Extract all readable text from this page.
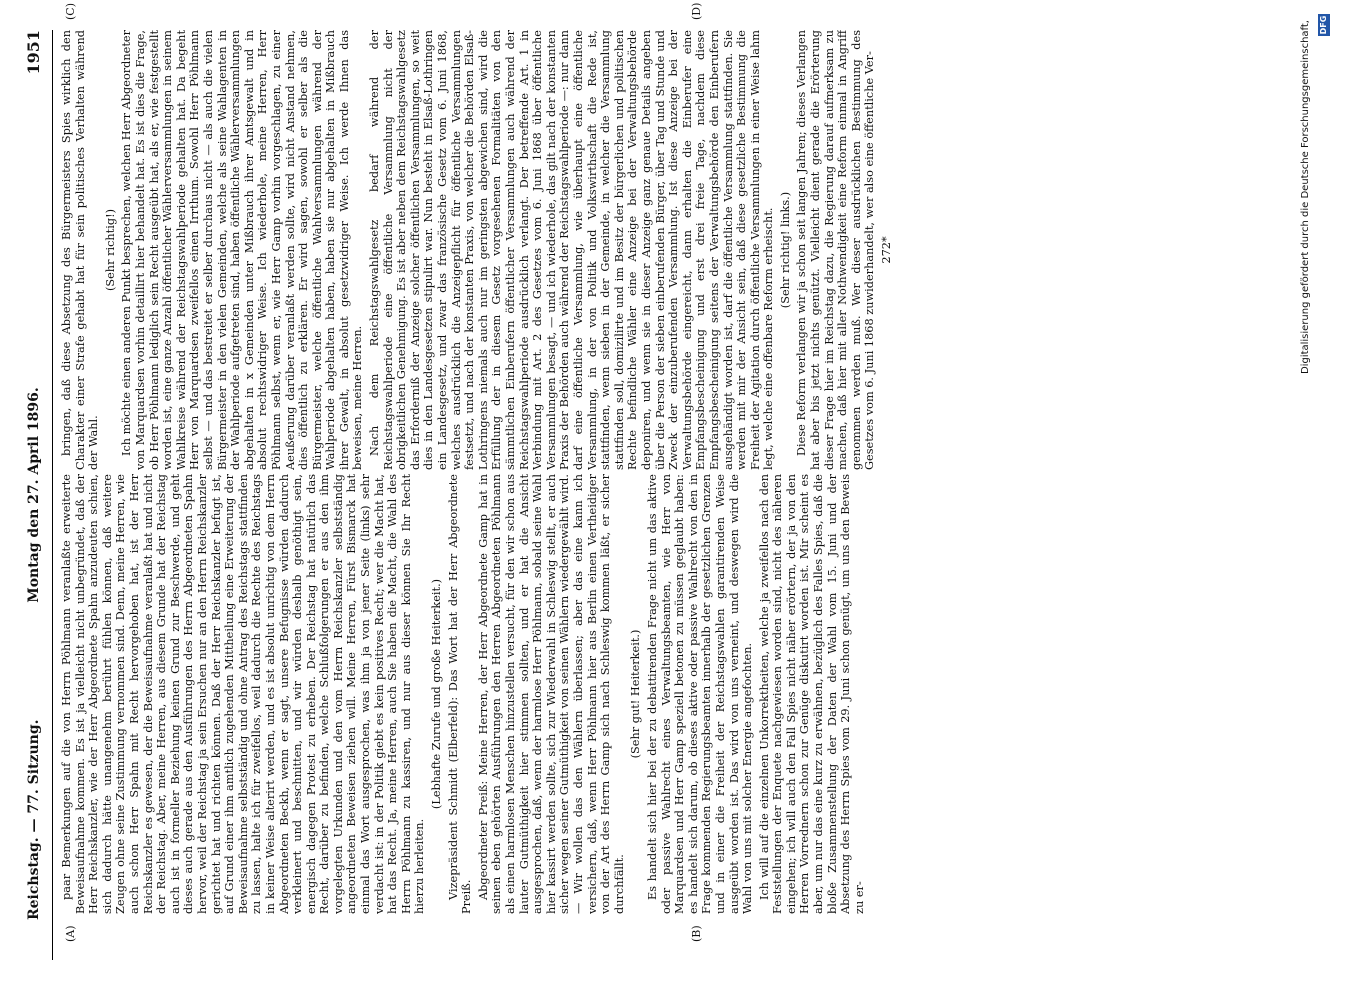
Reichstag. — 77. Sitzung.
Montag den 27. April 1896.
1951
(A)	(B)
(C)	(D)

paar Bemerkungen auf die von Herrn Pöhlmann veranlaßte erweiterte Beweisaufnahme kommen. Es ist ja vielleicht nicht unbegründet, daß der Herr Reichskanzler, wie der Herr Abgeordnete Spahn anzudeuten schien, sich dadurch hätte unangenehm berührt fühlen können, daß weitere Zeugen ohne seine Zustimmung vernommen sind. Denn, meine Herren, wie auch schon Herr Spahn mit Recht hervorgehoben hat, ist der Herr Reichskanzler es gewesen, der die Beweisaufnahme veranlaßt hat und nicht der Reichstag. Aber, meine Herren, aus diesem Grunde hat der Reichstag auch ist in formeller Beziehung keinen Grund zur Beschwerde, und geht dieses auch gerade aus den Ausführungen des Herrn Abgeordneten Spahn hervor, weil der Reichstag ja sein Ersuchen nur an den Herrn Reichskanzler gerichtet hat und richten können. Daß der Herr Reichskanzler befugt ist, auf Grund einer ihm amtlich zugehenden Mittheilung eine Erweiterung der Beweisaufnahme selbstständig und ohne Antrag des Reichstags stattfinden zu lassen, halte ich für zweifellos, weil dadurch die Rechte des Reichstags in keiner Weise alterirt werden, und es ist absolut unrichtig von dem Herrn Abgeordneten Beckh, wenn er sagt, unsere Befugnisse würden dadurch verkleinert und beschnitten, und wir würden deshalb genöthigt sein, energisch dagegen Protest zu erheben. Der Reichstag hat natürlich das Recht, darüber zu befinden, welche Schlußfolgerungen er aus den ihm vorgelegten Urkunden und den vom Herrn Reichskanzler selbstständig angeordneten Beweisen ziehen will. Meine Herren, Fürst Bismarck hat einmal das Wort ausgesprochen, was ihm ja von jener Seite (links) sehr verdacht ist: in der Politik giebt es kein positives Recht; wer die Macht hat, hat das Recht. Ja, meine Herren, auch Sie haben die Macht, die Wahl des Herrn Pöhlmann zu kassiren, und nur aus dieser können Sie Ihr Recht hierzu herleiten.

(Lebhafte Zurufe und große Heiterkeit.) Vizepräsident Schmidt (Elberfeld): Das Wort hat der Herr Abgeordnete Preiß. Abgeordneter Preiß: Meine Herren, der Herr Abgeordnete Gamp hat in seinen eben gehörten Ausführungen den Herren Abgeordneten Pöhlmann als einen harmlosen Menschen hinzustellen versucht, für den wir schon aus lauter Gutmüthigkeit hier stimmen sollten, und er hat die Ansicht ausgesprochen, daß, wenn der harmlose Herr Pöhlmann, sobald seine Wahl hier kassirt werden sollte, sich zur Wiederwahl in Schleswig stellt, er auch sicher wegen seiner Gutmüthigkeit von seinen Wählern wiedergewählt wird. — Wir wollen das den Wählern überlassen; aber das eine kann ich versichern, daß, wenn Herr Pöhlmann hier aus Berlin einen Vertheidiger von der Art des Herrn Gamp sich nach Schleswig kommen läßt, er sicher durchfällt.

(Sehr gut! Heiterkeit.) Es handelt sich hier bei der zu debattirenden Frage nicht um das aktive oder passive Wahlrecht eines Verwaltungsbeamten, wie Herr von Marquardsen und Herr Gamp speziell betonen zu müssen geglaubt haben: es handelt sich darum, ob dieses aktive oder passive Wahlrecht von den in Frage kommenden Regierungsbeamten innerhalb der gesetzlichen Grenzen und in einer die Freiheit der Reichstagswahlen garantirenden Weise ausgeübt worden ist. Das wird von uns verneint, und deswegen wird die Wahl von uns mit solcher Energie angefochten. Ich will auf die einzelnen Unkorrektheiten, welche ja zweifellos nach den Feststellungen der Enquete nachgewiesen worden sind, nicht des näheren eingehen; ich will auch den Fall Spies nicht näher erörtern, der ja von den Herren Vorrednern schon zur Genüge diskutirt worden ist. Mir scheint es aber, um nur das eine kurz zu erwähnen, bezüglich des Falles Spies, daß die bloße Zusammenstellung der Daten der Wahl vom 15. Juni und der Absetzung des Herrn Spies vom 29. Juni schon genügt, um uns den Beweis zu er-

bringen, daß diese Absetzung des Bürgermeisters Spies wirklich den Charakter einer Strafe gehabt hat für sein politisches Verhalten während der Wahl.

(Sehr richtig!) Ich möchte einen anderen Punkt besprechen, welchen Herr Abgeordneter von Marquardsen vorhin detaillirt hier behandelt hat. Es ist dies die Frage, ob Herr Pöhlmann lediglich sein Recht ausgeübt hat, als er, wie festgestellt worden ist, eine ganze Anzahl öffentlicher Wählerversammlungen in seinem Wahlkreise während der Reichstagswahlperiode gehalten hat. Da begeht Herr von Marquardsen zweifellos einen Irrthum. Sowohl Herr Pöhlmann selbst — und das bestreitet er selber durchaus nicht — als auch die vielen Bürgermeister in den vielen Gemeinden, welche als seine Wahlagenten in der Wahlperiode aufgetreten sind, haben öffentliche Wählerversammlungen abgehalten in x Gemeinden unter Mißbrauch ihrer Amtsgewalt und in absolut rechtswidriger Weise. Ich wiederhole, meine Herren, Herr Pöhlmann selbst, wenn er, wie Herr Gamp vorhin vorgeschlagen, zu einer Aeußerung darüber veranlaßt werden sollte, wird nicht Anstand nehmen, dies öffentlich zu erklären. Er wird sagen, sowohl er selber als die Bürgermeister, welche öffentliche Wahlversammlungen während der Wahlperiode abgehalten haben, haben sie nur abgehalten in Mißbrauch ihrer Gewalt, in absolut gesetzwidriger Weise. Ich werde Ihnen das beweisen, meine Herren. Nach dem Reichstagswahlgesetz bedarf während der Reichstagswahlperiode eine öffentliche Versammlung nicht der obrigkeitlichen Genehmigung. Es ist aber neben dem Reichstagswahlgesetz das Erforderniß der Anzeige solcher öffentlichen Versammlungen, so weit dies in den Landesgesetzen stipulirt war. Nun besteht in Elsaß-Lothringen ein Landesgesetz, und zwar das französische Gesetz vom 6. Juni 1868, welches ausdrücklich die Anzeigepflicht für öffentliche Versammlungen festsetzt, und nach der konstanten Praxis, von welcher die Behörden Elsaß-Lothringens niemals auch nur im geringsten abgewichen sind, wird die Erfüllung der in diesem Gesetz vorgesehenen Formalitäten von den sämmtlichen Einberufern öffentlicher Versammlungen auch während der Reichstagswahlperiode ausdrücklich verlangt. Der betreffende Art. 1 in Verbindung mit Art. 2 des Gesetzes vom 6. Juni 1868 über öffentliche Versammlungen besagt, — und ich wiederhole, das gilt nach der konstanten Praxis der Behörden auch während der Reichstagswahlperiode —: nur dann darf eine öffentliche Versammlung, wie überhaupt eine öffentliche Versammlung, in der von Politik und Volkswirthschaft die Rede ist, stattfinden, wenn sieben in der Gemeinde, in welcher die Versammlung stattfinden soll, domizilirte und im Besitz der bürgerlichen und politischen Rechte befindliche Wähler eine Anzeige bei der Verwaltungsbehörde deponiren, und wenn sie in dieser Anzeige ganz genaue Details angeben über die Person der sieben einberufenden Bürger, über Tag und Stunde und Zweck der einzuberufenden Versammlung. Ist diese Anzeige bei der Verwaltungsbehörde eingereicht, dann erhalten die Einberufer eine Empfangsbescheinigung und erst drei freie Tage, nachdem diese Empfangsbescheinigung seitens der Verwaltungsbehörde den Einberufern ausgehändigt worden ist, darf die öffentliche Versammlung stattfinden. Sie werden mit mir der Ansicht sein, daß diese gesetzliche Bestimmung die Freiheit der Agitation durch öffentliche Versammlungen in einer Weise lahm legt, welche eine offenbare Reform erheischt. (Sehr richtig! links.) Diese Reform verlangen wir ja schon seit langen Jahren; dieses Verlangen hat aber bis jetzt nichts genützt. Vielleicht dient gerade die Erörterung dieser Frage hier im Reichstag dazu, die Regierung darauf aufmerksam zu machen, daß hier mit aller Nothwendigkeit eine Reform einmal in Angriff genommen werden muß. Wer dieser ausdrücklichen Bestimmung des Gesetzes vom 6. Juni 1868 zuwiderhandelt, wer also eine öffentliche Ver- 272*	Digitalisierung gefördert durch die Deutsche Forschungsgemeinschaft, DFG
